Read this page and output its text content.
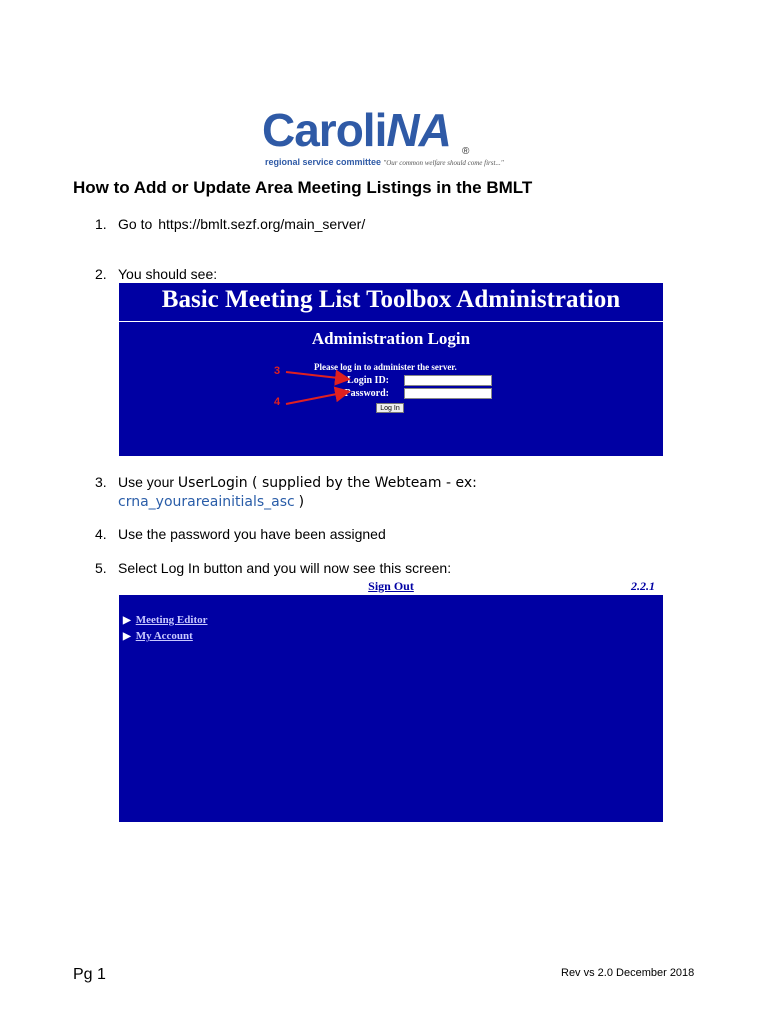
CaroliNA ®
regional service committee "Our common welfare should come first..."
How to Add or Update Area Meeting Listings in the BMLT
1. Go to https://bmlt.sezf.org/main_server/
2. You should see:
Basic Meeting List Toolbox Administration
Administration Login
Please log in to administer the server.
Login ID:
Password:
Log In
3
4
3. Use your UserLogin ( supplied by the Webteam - ex:
crna_yourareainitials_asc )
4. Use the password you have been assigned
5. Select Log In button and you will now see this screen:
Sign Out	2.2.1
▶ Meeting Editor
▶ My Account
Pg 1	Rev vs 2.0 December 2018
